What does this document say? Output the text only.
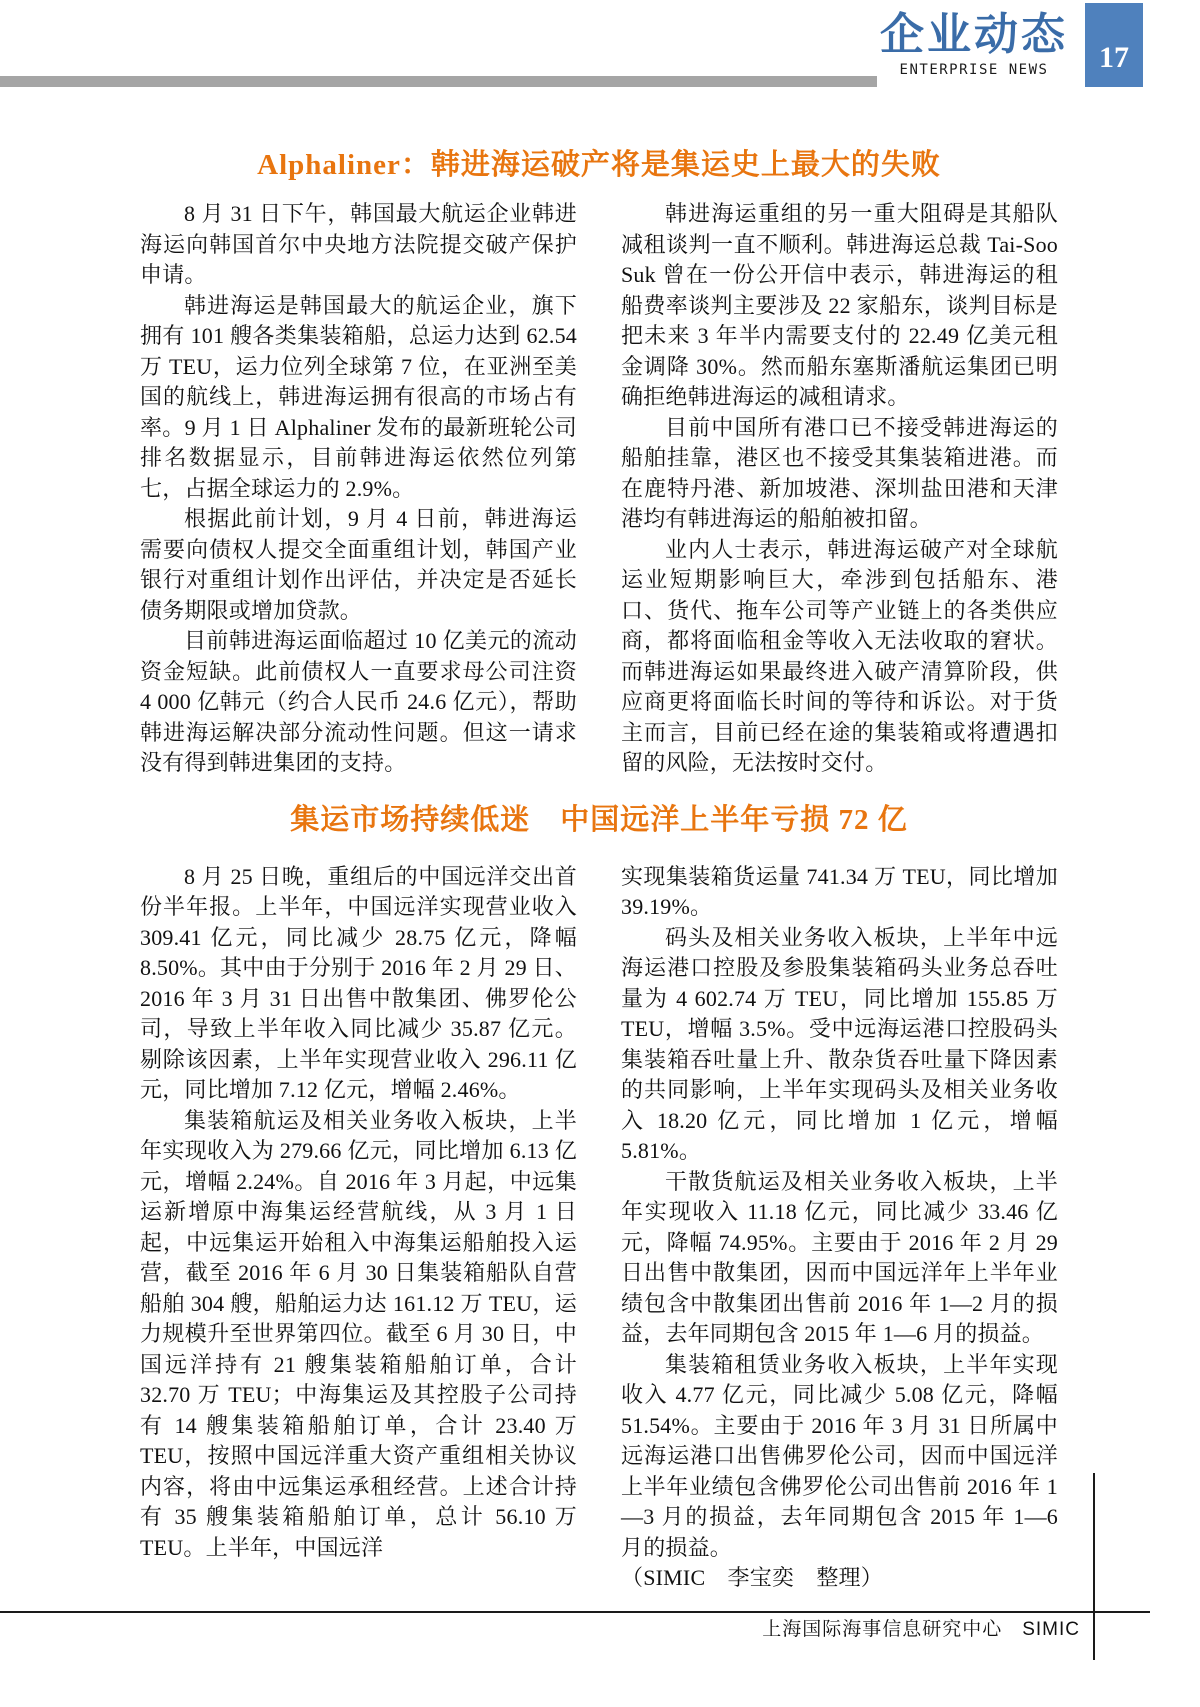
企业动态
ENTERPRISE NEWS	17
Alphaliner：韩进海运破产将是集运史上最大的失败

8 月 31 日下午，韩国最大航运企业韩进海运向韩国首尔中央地方法院提交破产保护申请。

韩进海运是韩国最大的航运企业，旗下拥有 101 艘各类集装箱船，总运力达到 62.54 万 TEU，运力位列全球第 7 位，在亚洲至美国的航线上，韩进海运拥有很高的市场占有率。9 月 1 日 Alphaliner 发布的最新班轮公司排名数据显示，目前韩进海运依然位列第七，占据全球运力的 2.9%。

根据此前计划，9 月 4 日前，韩进海运需要向债权人提交全面重组计划，韩国产业银行对重组计划作出评估，并决定是否延长债务期限或增加贷款。

目前韩进海运面临超过 10 亿美元的流动资金短缺。此前债权人一直要求母公司注资 4 000 亿韩元（约合人民币 24.6 亿元），帮助韩进海运解决部分流动性问题。但这一请求没有得到韩进集团的支持。

韩进海运重组的另一重大阻碍是其船队减租谈判一直不顺利。韩进海运总裁 Tai-Soo Suk 曾在一份公开信中表示，韩进海运的租船费率谈判主要涉及 22 家船东，谈判目标是把未来 3 年半内需要支付的 22.49 亿美元租金调降 30%。然而船东塞斯潘航运集团已明确拒绝韩进海运的减租请求。

目前中国所有港口已不接受韩进海运的船舶挂靠，港区也不接受其集装箱进港。而在鹿特丹港、新加坡港、深圳盐田港和天津港均有韩进海运的船舶被扣留。

业内人士表示，韩进海运破产对全球航运业短期影响巨大，牵涉到包括船东、港口、货代、拖车公司等产业链上的各类供应商，都将面临租金等收入无法收取的窘状。而韩进海运如果最终进入破产清算阶段，供应商更将面临长时间的等待和诉讼。对于货主而言，目前已经在途的集装箱或将遭遇扣留的风险，无法按时交付。

集运市场持续低迷　中国远洋上半年亏损 72 亿

8 月 25 日晚，重组后的中国远洋交出首份半年报。上半年，中国远洋实现营业收入 309.41 亿元，同比减少 28.75 亿元，降幅 8.50%。其中由于分别于 2016 年 2 月 29 日、2016 年 3 月 31 日出售中散集团、佛罗伦公司，导致上半年收入同比减少 35.87 亿元。剔除该因素，上半年实现营业收入 296.11 亿元，同比增加 7.12 亿元，增幅 2.46%。

集装箱航运及相关业务收入板块，上半年实现收入为 279.66 亿元，同比增加 6.13 亿元，增幅 2.24%。自 2016 年 3 月起，中远集运新增原中海集运经营航线，从 3 月 1 日起，中远集运开始租入中海集运船舶投入运营，截至 2016 年 6 月 30 日集装箱船队自营船舶 304 艘，船舶运力达 161.12 万 TEU，运力规模升至世界第四位。截至 6 月 30 日，中国远洋持有 21 艘集装箱船舶订单，合计 32.70 万 TEU；中海集运及其控股子公司持有 14 艘集装箱船舶订单，合计 23.40 万 TEU，按照中国远洋重大资产重组相关协议内容，将由中远集运承租经营。上述合计持有 35 艘集装箱船舶订单，总计 56.10 万 TEU。上半年，中国远洋

实现集装箱货运量 741.34 万 TEU，同比增加 39.19%。

码头及相关业务收入板块，上半年中远海运港口控股及参股集装箱码头业务总吞吐量为 4 602.74 万 TEU，同比增加 155.85 万 TEU，增幅 3.5%。受中远海运港口控股码头集装箱吞吐量上升、散杂货吞吐量下降因素的共同影响，上半年实现码头及相关业务收入 18.20 亿元，同比增加 1 亿元，增幅 5.81%。

干散货航运及相关业务收入板块，上半年实现收入 11.18 亿元，同比减少 33.46 亿元，降幅 74.95%。主要由于 2016 年 2 月 29 日出售中散集团，因而中国远洋年上半年业绩包含中散集团出售前 2016 年 1—2 月的损益，去年同期包含 2015 年 1—6 月的损益。

集装箱租赁业务收入板块，上半年实现收入 4.77 亿元，同比减少 5.08 亿元，降幅 51.54%。主要由于 2016 年 3 月 31 日所属中远海运港口出售佛罗伦公司，因而中国远洋上半年业绩包含佛罗伦公司出售前 2016 年 1—3 月的损益，去年同期包含 2015 年 1—6 月的损益。

（SIMIC　李宝奕　整理）

上海国际海事信息研究中心　SIMIC
